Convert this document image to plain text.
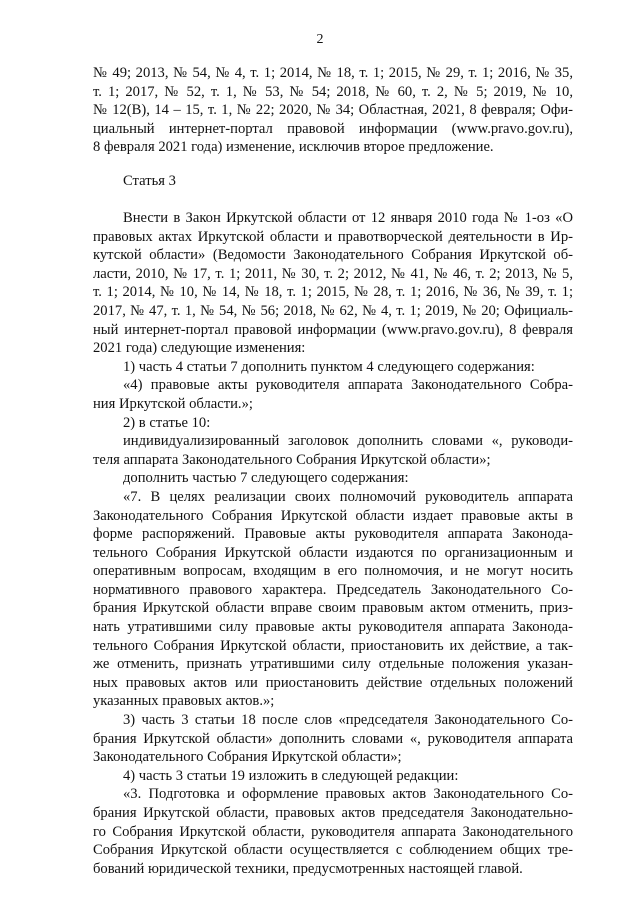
2
№ 49; 2013, № 54, № 4, т. 1; 2014, № 18, т. 1; 2015, № 29, т. 1; 2016, № 35,
т. 1; 2017, № 52, т. 1, № 53, № 54; 2018, № 60, т. 2, № 5; 2019, № 10,
№ 12(В), 14 – 15, т. 1, № 22; 2020, № 34; Областная, 2021, 8 февраля; Офи-
циальный интернет-портал правовой информации (www.pravo.gov.ru),
8 февраля 2021 года) изменение, исключив второе предложение.
Статья 3
Внести в Закон Иркутской области от 12 января 2010 года № 1-оз «О
правовых актах Иркутской области и правотворческой деятельности в Ир-
кутской области» (Ведомости Законодательного Собрания Иркутской об-
ласти, 2010, № 17, т. 1; 2011, № 30, т. 2; 2012, № 41, № 46, т. 2; 2013, № 5,
т. 1; 2014, № 10, № 14, № 18, т. 1; 2015, № 28, т. 1; 2016, № 36, № 39, т. 1;
2017, № 47, т. 1, № 54, № 56; 2018, № 62, № 4, т. 1; 2019, № 20; Официаль-
ный интернет-портал правовой информации (www.pravo.gov.ru), 8 февраля
2021 года) следующие изменения:
1) часть 4 статьи 7 дополнить пунктом 4 следующего содержания:
«4) правовые акты руководителя аппарата Законодательного Собра-
ния Иркутской области.»;
2) в статье 10:
индивидуализированный заголовок дополнить словами «, руководи-
теля аппарата Законодательного Собрания Иркутской области»;
дополнить частью 7 следующего содержания:
«7. В целях реализации своих полномочий руководитель аппарата
Законодательного Собрания Иркутской области издает правовые акты в
форме распоряжений. Правовые акты руководителя аппарата Законода-
тельного Собрания Иркутской области издаются по организационным и
оперативным вопросам, входящим в его полномочия, и не могут носить
нормативного правового характера. Председатель Законодательного Со-
брания Иркутской области вправе своим правовым актом отменить, приз-
нать утратившими силу правовые акты руководителя аппарата Законода-
тельного Собрания Иркутской области, приостановить их действие, а так-
же отменить, признать утратившими силу отдельные положения указан-
ных правовых актов или приостановить действие отдельных положений
указанных правовых актов.»;
3) часть 3 статьи 18 после слов «председателя Законодательного Со-
брания Иркутской области» дополнить словами «, руководителя аппарата
Законодательного Собрания Иркутской области»;
4) часть 3 статьи 19 изложить в следующей редакции:
«3. Подготовка и оформление правовых актов Законодательного Со-
брания Иркутской области, правовых актов председателя Законодательно-
го Собрания Иркутской области, руководителя аппарата Законодательного
Собрания Иркутской области осуществляется с соблюдением общих тре-
бований юридической техники, предусмотренных настоящей главой.
